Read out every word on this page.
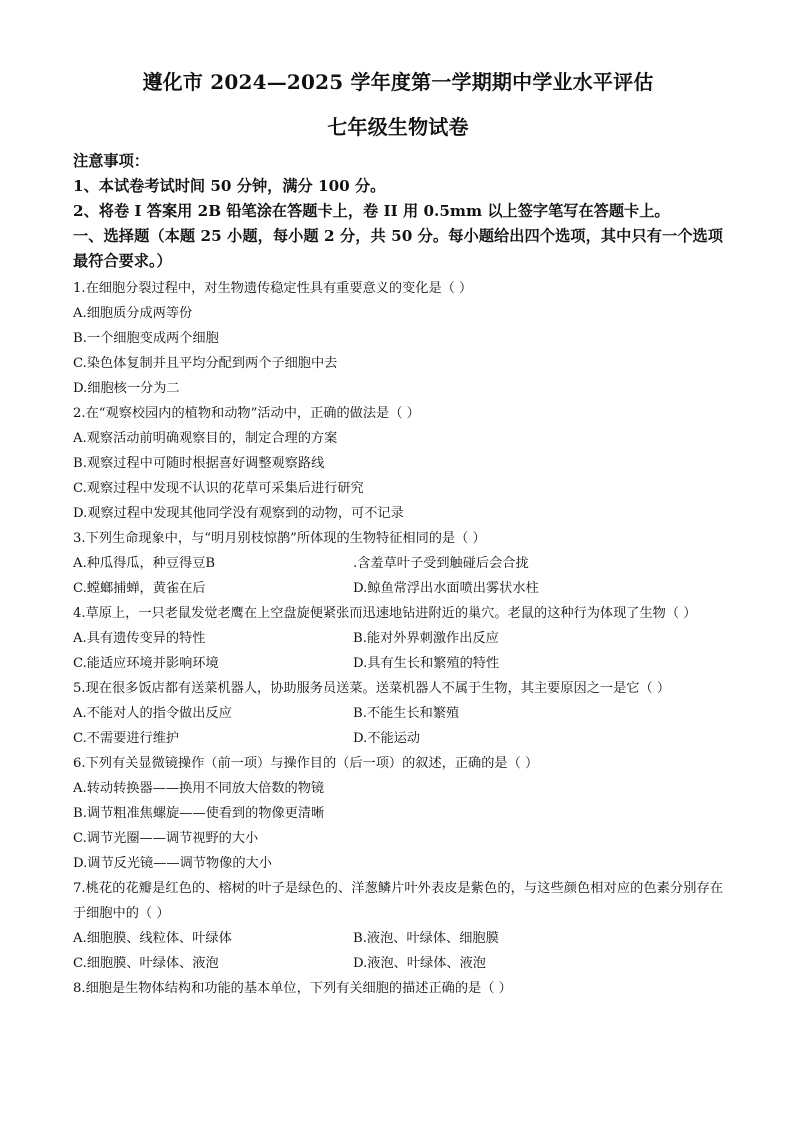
遵化市 2024—2025 学年度第一学期期中学业水平评估
七年级生物试卷
注意事项：
1、本试卷考试时间 50 分钟，满分 100 分。
2、将卷 I 答案用 2B 铅笔涂在答题卡上，卷 II 用 0.5mm 以上签字笔写在答题卡上。
一、选择题（本题 25 小题，每小题 2 分，共 50 分。每小题给出四个选项，其中只有一个选项最符合要求。）
1.在细胞分裂过程中，对生物遗传稳定性具有重要意义的变化是（ ）
A.细胞质分成两等份
B.一个细胞变成两个细胞
C.染色体复制并且平均分配到两个子细胞中去
D.细胞核一分为二
2.在“观察校园内的植物和动物”活动中，正确的做法是（ ）
A.观察活动前明确观察目的，制定合理的方案
B.观察过程中可随时根据喜好调整观察路线
C.观察过程中发现不认识的花草可采集后进行研究
D.观察过程中发现其他同学没有观察到的动物，可不记录
3.下列生命现象中，与“明月别枝惊鹊”所体现的生物特征相同的是（ ）
A.种瓜得瓜，种豆得豆B	.含羞草叶子受到触碰后会合拢
C.螳螂捕蝉，黄雀在后	D.鲸鱼常浮出水面喷出雾状水柱
4.草原上，一只老鼠发觉老鹰在上空盘旋便紧张而迅速地钻进附近的巢穴。老鼠的这种行为体现了生物（ ）
A.具有遗传变异的特性	B.能对外界刺激作出反应
C.能适应环境并影响环境	D.具有生长和繁殖的特性
5.现在很多饭店都有送菜机器人，协助服务员送菜。送菜机器人不属于生物，其主要原因之一是它（ ）
A.不能对人的指令做出反应	B.不能生长和繁殖
C.不需要进行维护	D.不能运动
6.下列有关显微镜操作（前一项）与操作目的（后一项）的叙述，正确的是（ ）
A.转动转换器——换用不同放大倍数的物镜
B.调节粗准焦螺旋——使看到的物像更清晰
C.调节光圈——调节视野的大小
D.调节反光镜——调节物像的大小
7.桃花的花瓣是红色的、榕树的叶子是绿色的、洋葱鳞片叶外表皮是紫色的，与这些颜色相对应的色素分别存在于细胞中的（ ）
A.细胞膜、线粒体、叶绿体	B.液泡、叶绿体、细胞膜
C.细胞膜、叶绿体、液泡	D.液泡、叶绿体、液泡
8.细胞是生物体结构和功能的基本单位，下列有关细胞的描述正确的是（ ）
